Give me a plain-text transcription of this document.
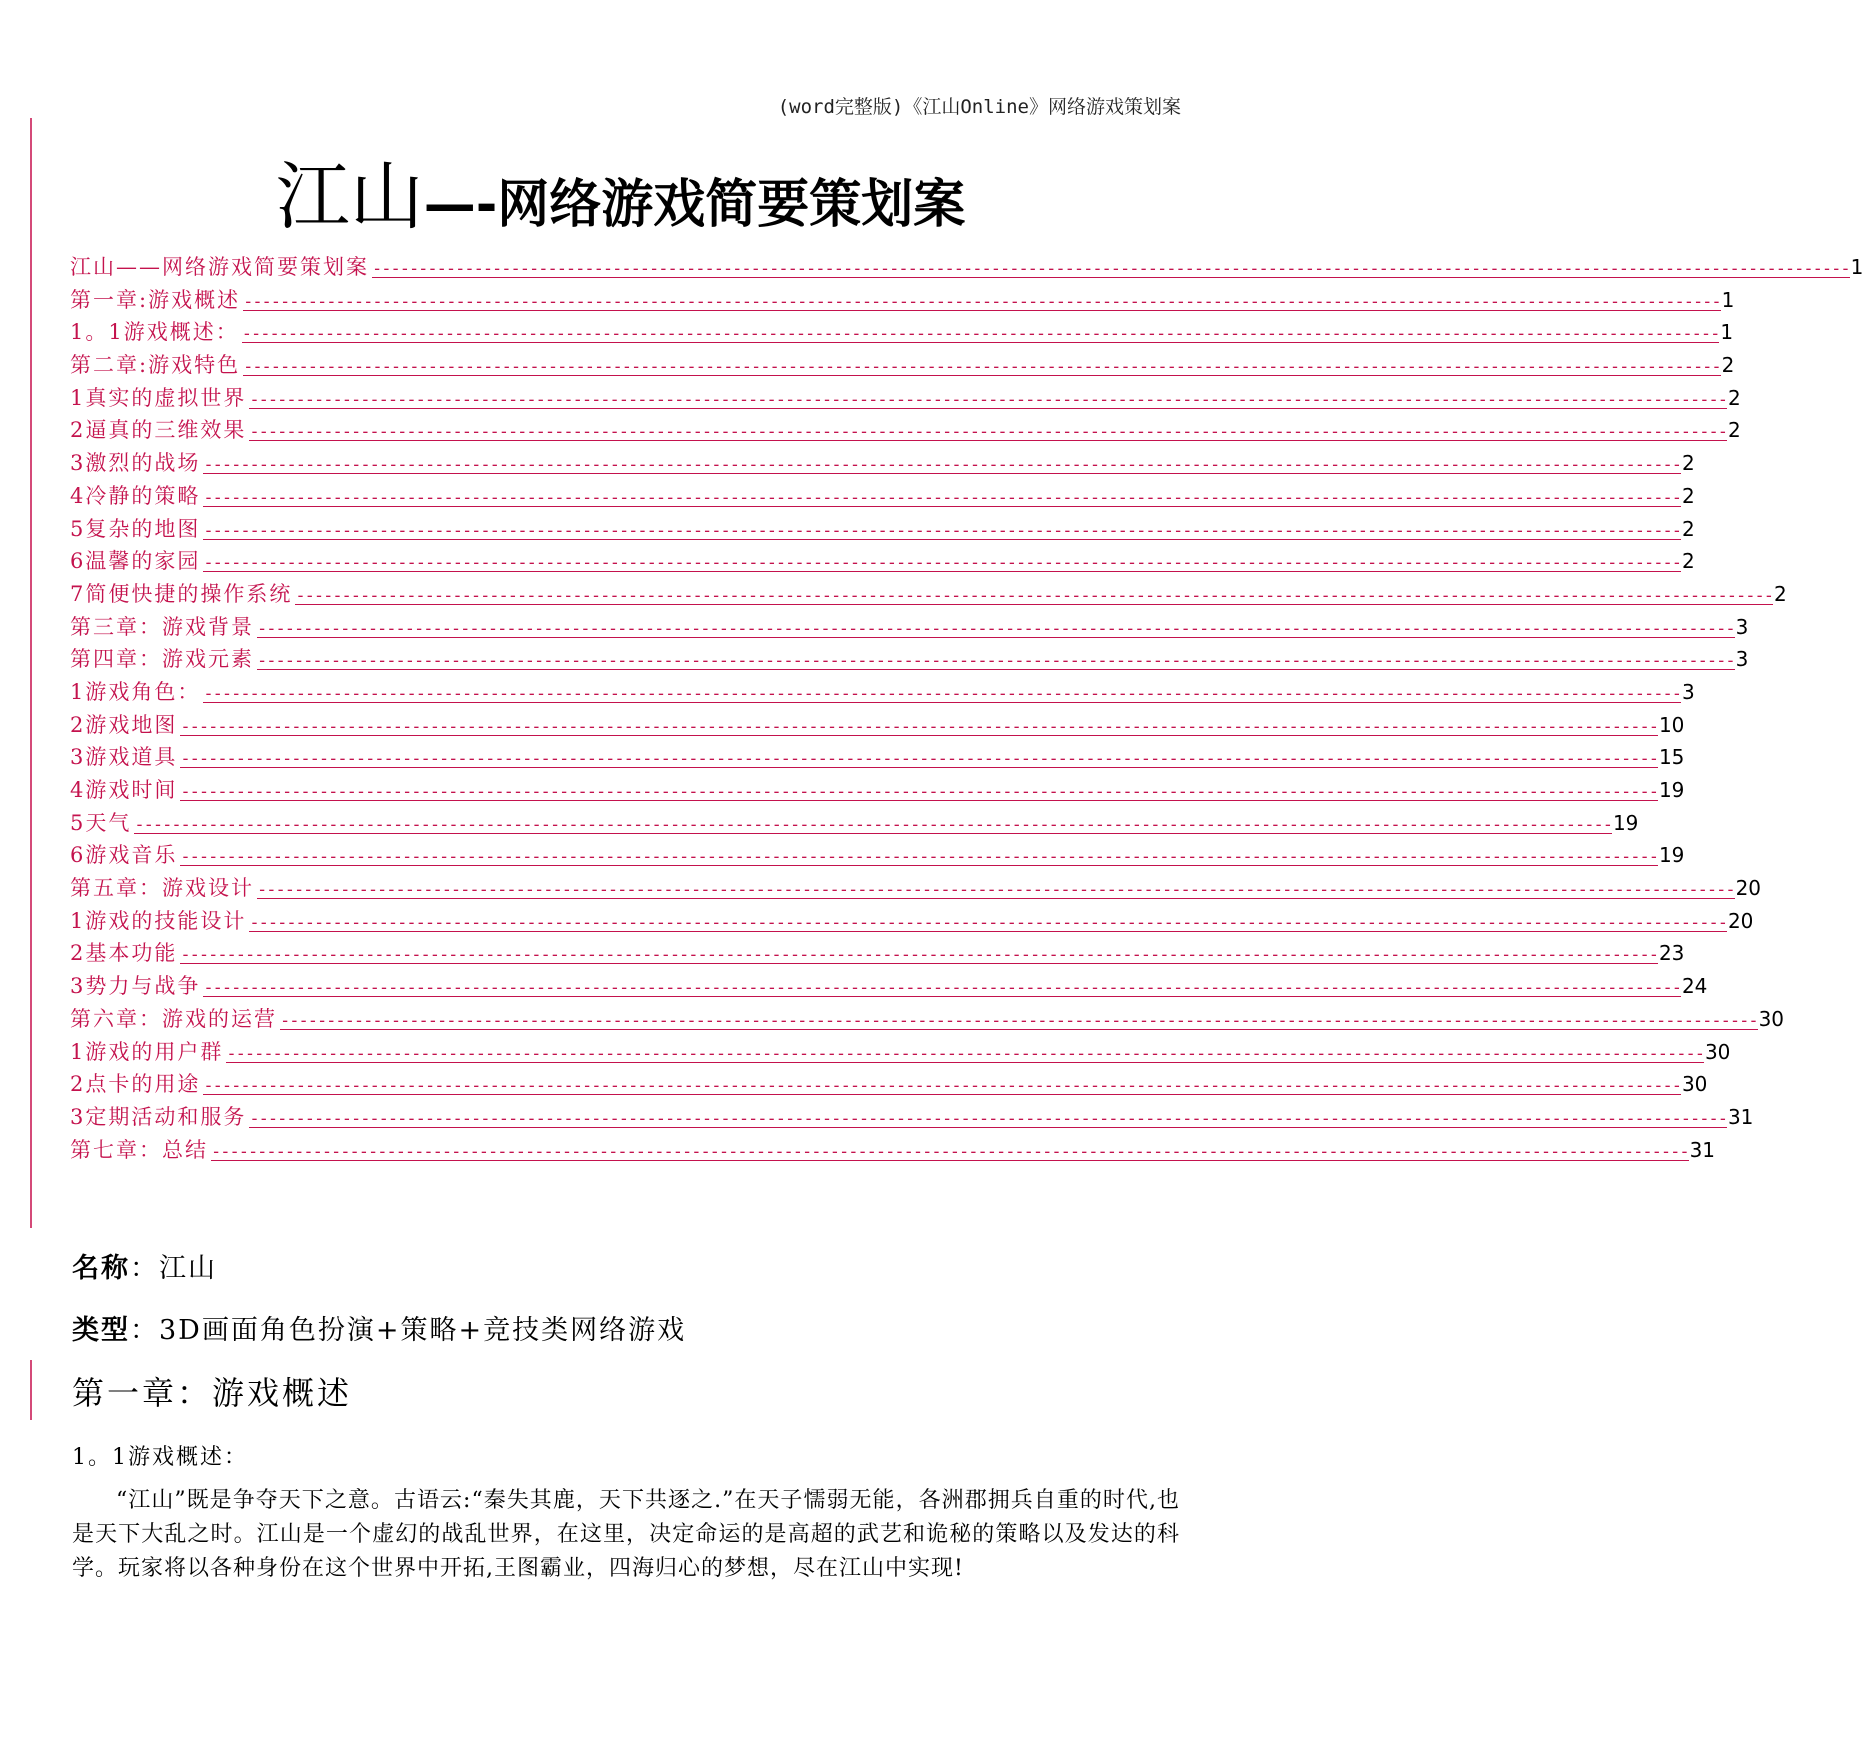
(word完整版)《江山Online》网络游戏策划案
江山—-网络游戏简要策划案
江山——网络游戏简要策划案 ---------------------------------------------------------------------------------------------------------------------------------------------------------------- 1
第一章:游戏概述 ---------------------------------------------------------------------------------------------------------------------------------------------------------------- 1
1。1游戏概述： ---------------------------------------------------------------------------------------------------------------------------------------------------------------- 1
第二章:游戏特色 ---------------------------------------------------------------------------------------------------------------------------------------------------------------- 2
1真实的虚拟世界 ---------------------------------------------------------------------------------------------------------------------------------------------------------------- 2
2逼真的三维效果 ---------------------------------------------------------------------------------------------------------------------------------------------------------------- 2
3激烈的战场 ---------------------------------------------------------------------------------------------------------------------------------------------------------------- 2
4冷静的策略 ---------------------------------------------------------------------------------------------------------------------------------------------------------------- 2
5复杂的地图 ---------------------------------------------------------------------------------------------------------------------------------------------------------------- 2
6温馨的家园 ---------------------------------------------------------------------------------------------------------------------------------------------------------------- 2
7简便快捷的操作系统 ---------------------------------------------------------------------------------------------------------------------------------------------------------------- 2
第三章：游戏背景 ---------------------------------------------------------------------------------------------------------------------------------------------------------------- 3
第四章：游戏元素 ---------------------------------------------------------------------------------------------------------------------------------------------------------------- 3
1游戏角色： ---------------------------------------------------------------------------------------------------------------------------------------------------------------- 3
2游戏地图 ---------------------------------------------------------------------------------------------------------------------------------------------------------------- 10
3游戏道具 ---------------------------------------------------------------------------------------------------------------------------------------------------------------- 15
4游戏时间 ---------------------------------------------------------------------------------------------------------------------------------------------------------------- 19
5天气 ---------------------------------------------------------------------------------------------------------------------------------------------------------------- 19
6游戏音乐 ---------------------------------------------------------------------------------------------------------------------------------------------------------------- 19
第五章：游戏设计 ---------------------------------------------------------------------------------------------------------------------------------------------------------------- 20
1游戏的技能设计 ---------------------------------------------------------------------------------------------------------------------------------------------------------------- 20
2基本功能 ---------------------------------------------------------------------------------------------------------------------------------------------------------------- 23
3势力与战争 ---------------------------------------------------------------------------------------------------------------------------------------------------------------- 24
第六章：游戏的运营 ---------------------------------------------------------------------------------------------------------------------------------------------------------------- 30
1游戏的用户群 ---------------------------------------------------------------------------------------------------------------------------------------------------------------- 30
2点卡的用途 ---------------------------------------------------------------------------------------------------------------------------------------------------------------- 30
3定期活动和服务 ---------------------------------------------------------------------------------------------------------------------------------------------------------------- 31
第七章：总结 ---------------------------------------------------------------------------------------------------------------------------------------------------------------- 31
名称：江山
类型：3D画面角色扮演+策略+竞技类网络游戏
第一章：游戏概述
1。1游戏概述：
“江山”既是争夺天下之意。古语云:“秦失其鹿，天下共逐之.”在天子懦弱无能，各洲郡拥兵自重的时代,也是天下大乱之时。江山是一个虚幻的战乱世界，在这里，决定命运的是高超的武艺和诡秘的策略以及发达的科学。玩家将以各种身份在这个世界中开拓,王图霸业，四海归心的梦想，尽在江山中实现!
